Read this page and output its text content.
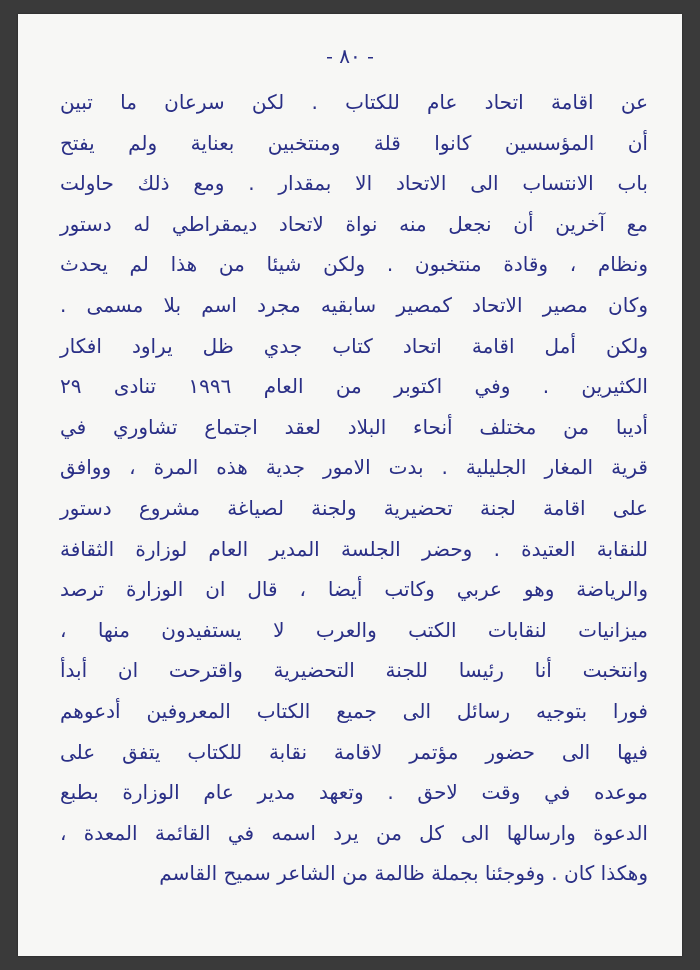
- ٨٠ -
عن اقامة اتحاد عام للكتاب . لكن سرعان ما تبين
أن المؤسسين كانوا قلة ومنتخبين بعناية ولم يفتح
باب الانتساب الى الاتحاد الا بمقدار . ومع ذلك حاولت
مع آخرين أن نجعل منه نواة لاتحاد ديمقراطي له دستور
ونظام ، وقادة منتخبون . ولكن شيئا من هذا لم يحدث
وكان مصير الاتحاد كمصير سابقيه مجرد اسم بلا مسمى .
ولكن أمل اقامة اتحاد كتاب جدي ظل يراود افكار
الكثيرين . وفي اكتوبر من العام ١٩٩٦ تنادى ٢٩
أديبا من مختلف أنحاء البلاد لعقد اجتماع تشاوري في
قرية المغار الجليلية . بدت الامور جدية هذه المرة ، ووافق
على اقامة لجنة تحضيرية ولجنة لصياغة مشروع دستور
للنقابة العتيدة . وحضر الجلسة المدير العام لوزارة الثقافة
والرياضة وهو عربي وكاتب أيضا ، قال ان الوزارة ترصد
ميزانيات لنقابات الكتب والعرب لا يستفيدون منها ،
وانتخبت أنا رئيسا للجنة التحضيرية واقترحت ان أبدأ
فورا بتوجيه رسائل الى جميع الكتاب المعروفين أدعوهم
فيها الى حضور مؤتمر لاقامة نقابة للكتاب يتفق على
موعده في وقت لاحق . وتعهد مدير عام الوزارة بطبع
الدعوة وارسالها الى كل من يرد اسمه في القائمة المعدة ،
وهكذا كان . وفوجئنا بجملة ظالمة من الشاعر سميح القاسم
